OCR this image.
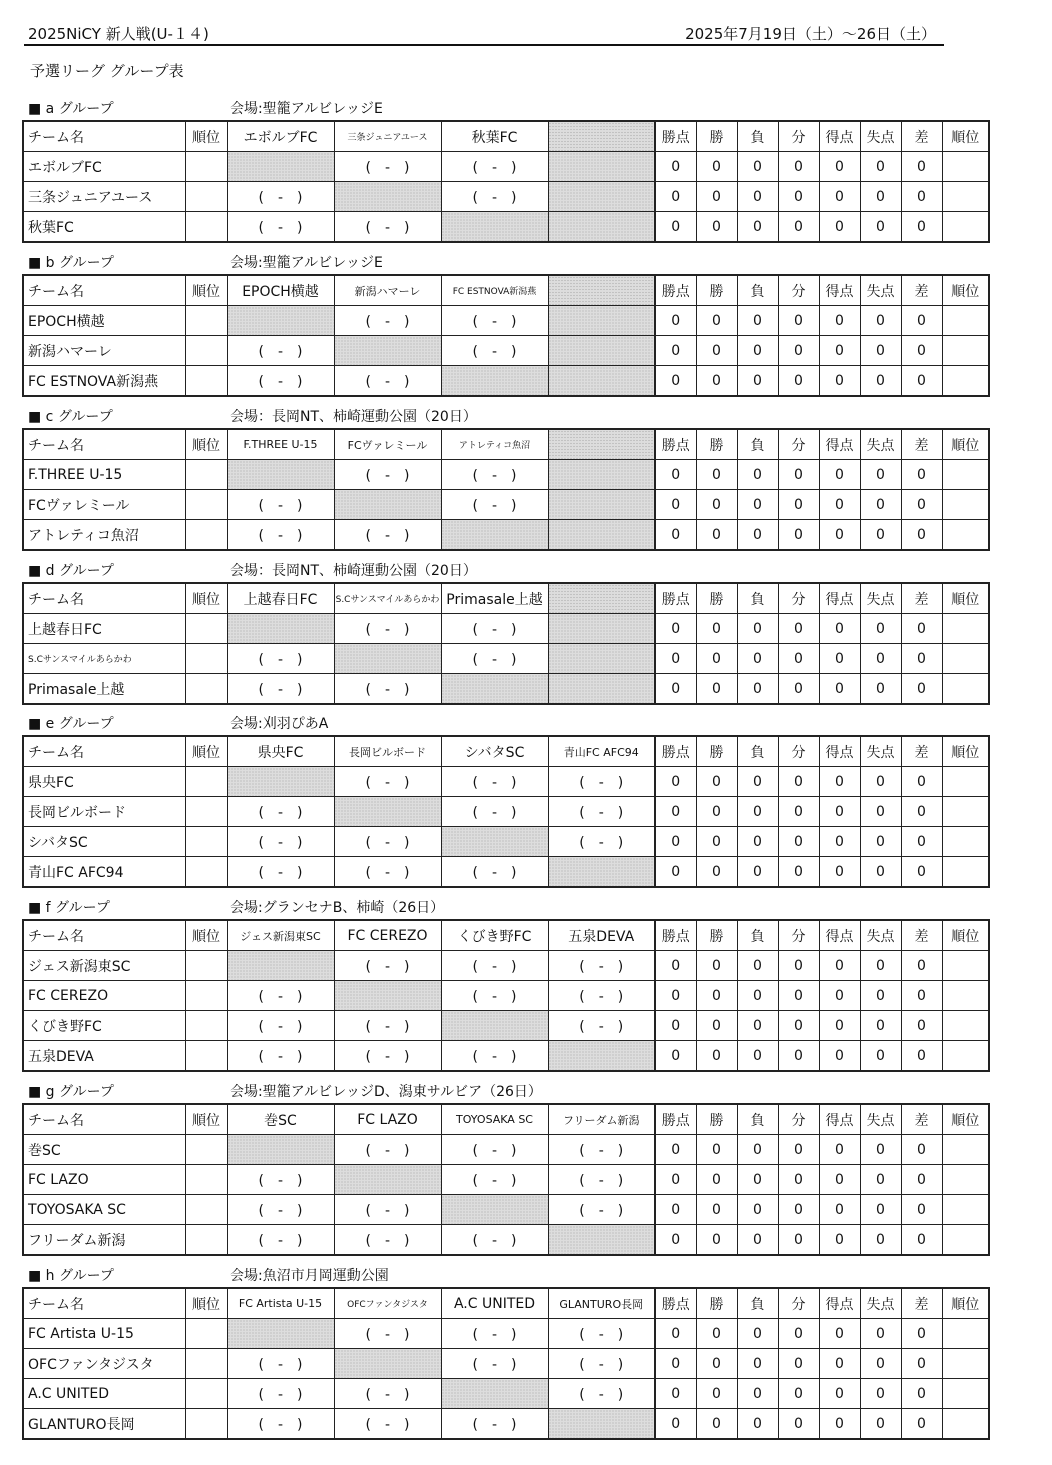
2025NiCY 新人戦(U-１４)	2025年7月19日（土）～26日（土）
予選リーグ グループ表
■ a グループ	会場:聖籠アルビレッジE
チーム名	順位	エボルブFC	三条ジュニアユース	秋葉FC		勝点	勝	負	分	得点	失点	差	順位
エボルブFC			(　-　)	(　-　)		0	0	0	0	0	0	0	
三条ジュニアユース		(　-　)		(　-　)		0	0	0	0	0	0	0	
秋葉FC		(　-　)	(　-　)			0	0	0	0	0	0	0	
■ b グループ	会場:聖籠アルビレッジE
チーム名	順位	EPOCH横越	新潟ハマーレ	FC ESTNOVA新潟燕		勝点	勝	負	分	得点	失点	差	順位
EPOCH横越			(　-　)	(　-　)		0	0	0	0	0	0	0	
新潟ハマーレ		(　-　)		(　-　)		0	0	0	0	0	0	0	
FC ESTNOVA新潟燕		(　-　)	(　-　)			0	0	0	0	0	0	0	
■ c グループ	会場：長岡NT、柿崎運動公園（20日）
チーム名	順位	F.THREE U-15	FCヴァレミール	アトレティコ魚沼		勝点	勝	負	分	得点	失点	差	順位
F.THREE U-15			(　-　)	(　-　)		0	0	0	0	0	0	0	
FCヴァレミール		(　-　)		(　-　)		0	0	0	0	0	0	0	
アトレティコ魚沼		(　-　)	(　-　)			0	0	0	0	0	0	0	
■ d グループ	会場：長岡NT、柿崎運動公園（20日）
チーム名	順位	上越春日FC	S.Cサンスマイルあらかわ	Primasale上越		勝点	勝	負	分	得点	失点	差	順位
上越春日FC			(　-　)	(　-　)		0	0	0	0	0	0	0	
S.Cサンスマイルあらかわ		(　-　)		(　-　)		0	0	0	0	0	0	0	
Primasale上越		(　-　)	(　-　)			0	0	0	0	0	0	0	
■ e グループ	会場:刈羽ぴあA
チーム名	順位	県央FC	長岡ビルボード	シバタSC	青山FC AFC94	勝点	勝	負	分	得点	失点	差	順位
県央FC			(　-　)	(　-　)	(　-　)	0	0	0	0	0	0	0	
長岡ビルボード		(　-　)		(　-　)	(　-　)	0	0	0	0	0	0	0	
シバタSC		(　-　)	(　-　)		(　-　)	0	0	0	0	0	0	0	
青山FC AFC94		(　-　)	(　-　)	(　-　)		0	0	0	0	0	0	0	
■ f グループ	会場:グランセナB、柿崎（26日）
チーム名	順位	ジェス新潟東SC	FC CEREZO	くびき野FC	五泉DEVA	勝点	勝	負	分	得点	失点	差	順位
ジェス新潟東SC			(　-　)	(　-　)	(　-　)	0	0	0	0	0	0	0	
FC CEREZO		(　-　)		(　-　)	(　-　)	0	0	0	0	0	0	0	
くびき野FC		(　-　)	(　-　)		(　-　)	0	0	0	0	0	0	0	
五泉DEVA		(　-　)	(　-　)	(　-　)		0	0	0	0	0	0	0	
■ g グループ	会場:聖籠アルビレッジD、潟東サルビア（26日）
チーム名	順位	巻SC	FC LAZO	TOYOSAKA SC	フリーダム新潟	勝点	勝	負	分	得点	失点	差	順位
巻SC			(　-　)	(　-　)	(　-　)	0	0	0	0	0	0	0	
FC LAZO		(　-　)		(　-　)	(　-　)	0	0	0	0	0	0	0	
TOYOSAKA SC		(　-　)	(　-　)		(　-　)	0	0	0	0	0	0	0	
フリーダム新潟		(　-　)	(　-　)	(　-　)		0	0	0	0	0	0	0	
■ h グループ	会場:魚沼市月岡運動公園
チーム名	順位	FC Artista U-15	OFCファンタジスタ	A.C UNITED	GLANTURO長岡	勝点	勝	負	分	得点	失点	差	順位
FC Artista U-15			(　-　)	(　-　)	(　-　)	0	0	0	0	0	0	0	
OFCファンタジスタ		(　-　)		(　-　)	(　-　)	0	0	0	0	0	0	0	
A.C UNITED		(　-　)	(　-　)		(　-　)	0	0	0	0	0	0	0	
GLANTURO長岡		(　-　)	(　-　)	(　-　)		0	0	0	0	0	0	0	
